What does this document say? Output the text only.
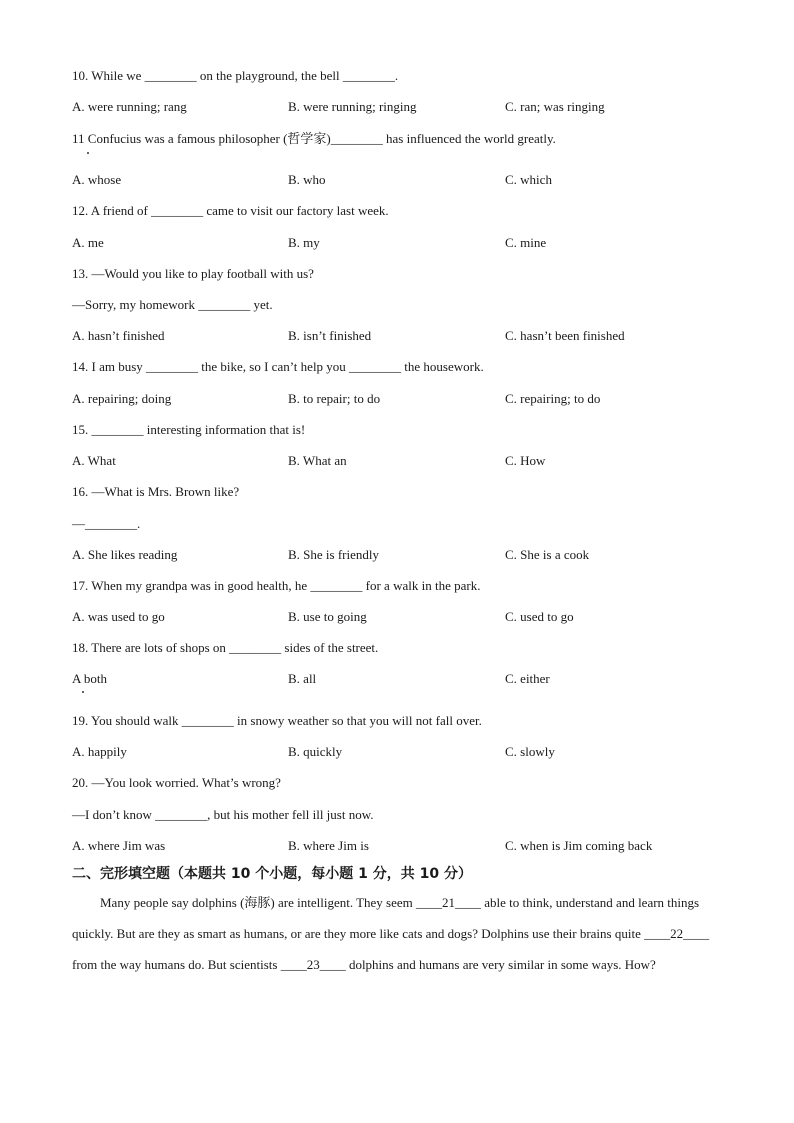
10. While we ________ on the playground, the bell ________.
A. were running; rang	B. were running; ringing	C. ran; was ringing
11 Confucius was a famous philosopher (哲学家)________ has influenced the world greatly.
A. whose	B. who	C. which
12. A friend of ________ came to visit our factory last week.
A. me	B. my	C. mine
13. —Would you like to play football with us?
—Sorry, my homework ________ yet.
A. hasn’t finished	B. isn’t finished	C. hasn’t been finished
14. I am busy ________ the bike, so I can’t help you ________ the housework.
A. repairing; doing	B. to repair; to do	C. repairing; to do
15. ________ interesting information that is!
A. What	B. What an	C. How
16. —What is Mrs. Brown like?
—________.
A. She likes reading	B. She is friendly	C. She is a cook
17. When my grandpa was in good health, he ________ for a walk in the park.
A. was used to go	B. use to going	C. used to go
18. There are lots of shops on ________ sides of the street.
A both	B. all	C. either
19. You should walk ________ in snowy weather so that you will not fall over.
A. happily	B. quickly	C. slowly
20. —You look worried. What’s wrong?
—I don’t know ________, but his mother fell ill just now.
A. where Jim was	B. where Jim is	C. when is Jim coming back
二、完形填空题（本题共 10 个小题，每小题 1 分，共 10 分）
Many people say dolphins (海豚) are intelligent. They seem ____21____ able to think, understand and learn things quickly. But are they as smart as humans, or are they more like cats and dogs? Dolphins use their brains quite ____22____ from the way humans do. But scientists ____23____ dolphins and humans are very similar in some ways. How?
